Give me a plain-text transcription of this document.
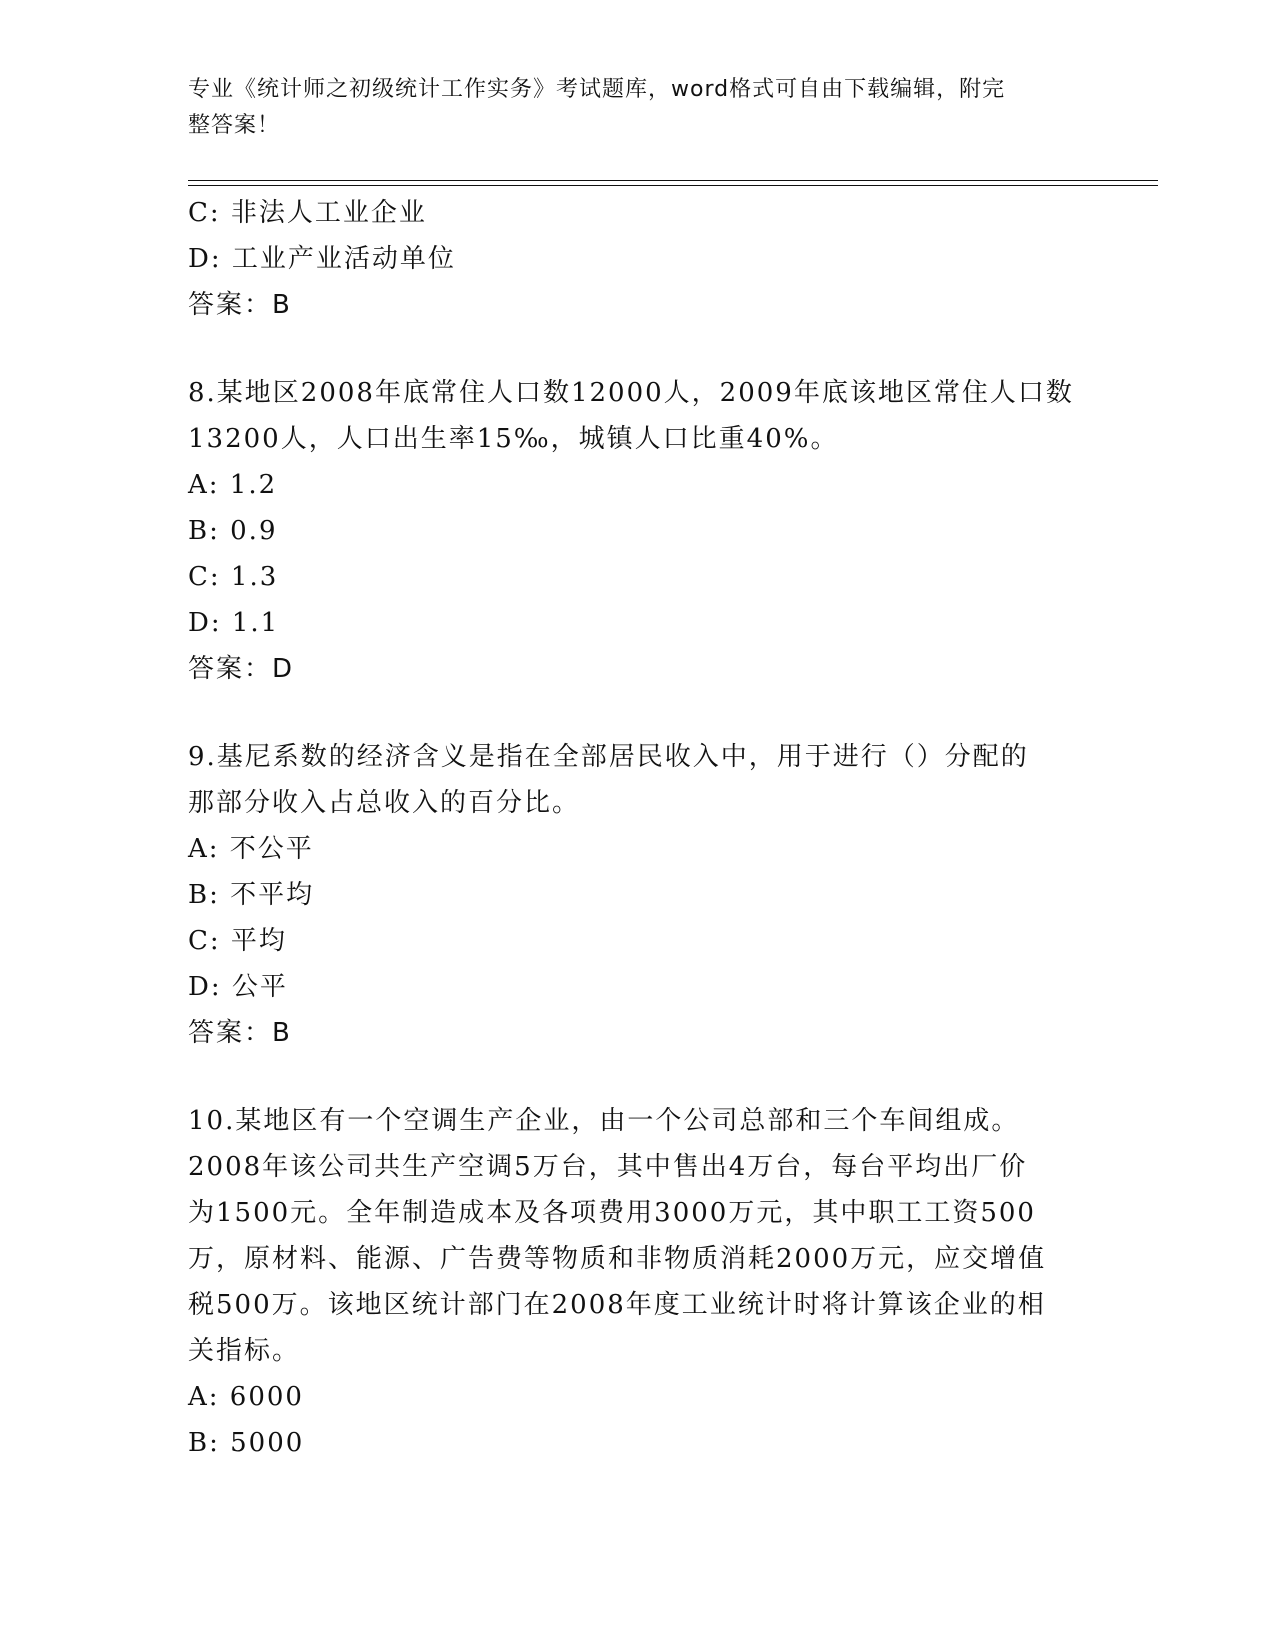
专业《统计师之初级统计工作实务》考试题库，word格式可自由下载编辑，附完
整答案！
C: 非法人工业企业
D: 工业产业活动单位
答案：B
8.某地区2008年底常住人口数12000人，2009年底该地区常住人口数
13200人，人口出生率15‰，城镇人口比重40%。
A: 1.2
B: 0.9
C: 1.3
D: 1.1
答案：D
9.基尼系数的经济含义是指在全部居民收入中，用于进行（）分配的
那部分收入占总收入的百分比。
A: 不公平
B: 不平均
C: 平均
D: 公平
答案：B
10.某地区有一个空调生产企业，由一个公司总部和三个车间组成。
2008年该公司共生产空调5万台，其中售出4万台，每台平均出厂价
为1500元。全年制造成本及各项费用3000万元，其中职工工资500
万，原材料、能源、广告费等物质和非物质消耗2000万元，应交增值
税500万。该地区统计部门在2008年度工业统计时将计算该企业的相
关指标。
A: 6000
B: 5000
